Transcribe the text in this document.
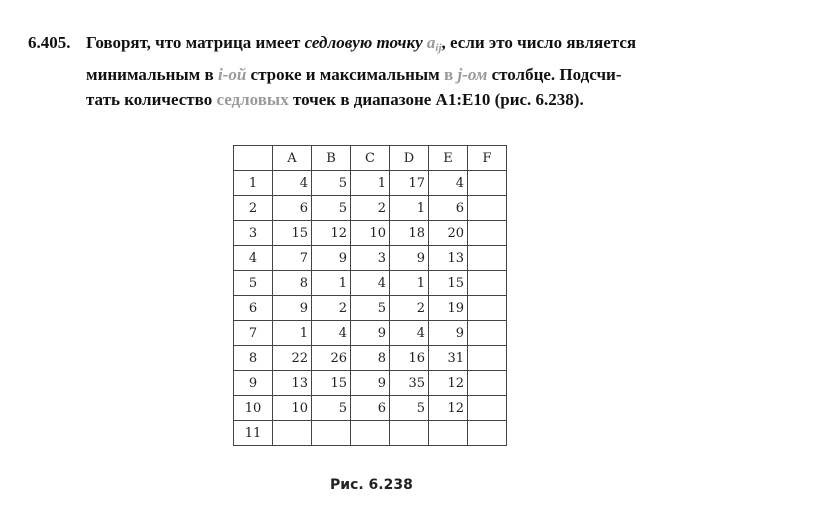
6.405. Говорят, что матрица имеет седловую точку $a_{ij}$, если это число является
минимальным в i-ой строке и максимальным в j-ом столбце. Подсчи-
тать количество седловых точек в диапазоне A1:E10 (рис. 6.238).
	A	B	C	D	E	F
1	4	5	1	17	4	
2	6	5	2	1	6	
3	15	12	10	18	20	
4	7	9	3	9	13	
5	8	1	4	1	15	
6	9	2	5	2	19	
7	1	4	9	4	9	
8	22	26	8	16	31	
9	13	15	9	35	12	
10	10	5	6	5	12	
11						
Рис. 6.238
